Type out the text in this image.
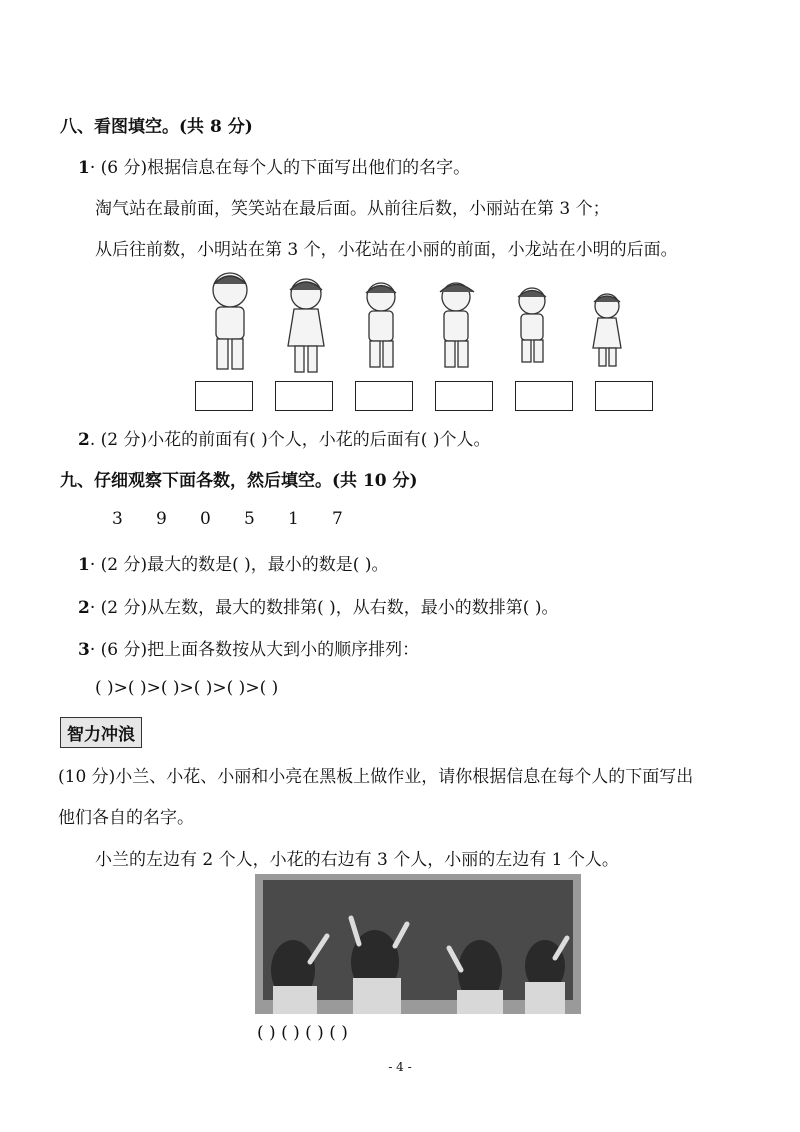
八、看图填空。(共 8 分)
1· (6 分)根据信息在每个人的下面写出他们的名字。
淘气站在最前面，笑笑站在最后面。从前往后数，小丽站在第 3 个；
从后往前数，小明站在第 3 个，小花站在小丽的前面，小龙站在小明的后面。
2. (2 分)小花的前面有( )个人，小花的后面有( )个人。
九、仔细观察下面各数，然后填空。(共 10 分)
3 9 0 5 1 7
1· (2 分)最大的数是( )，最小的数是( )。
2· (2 分)从左数，最大的数排第( )，从右数，最小的数排第( )。
3· (6 分)把上面各数按从大到小的顺序排列：
( )>( )>( )>( )>( )>( )
智力冲浪
(10 分)小兰、小花、小丽和小亮在黑板上做作业，请你根据信息在每个人的下面写出
他们各自的名字。
小兰的左边有 2 个人，小花的右边有 3 个人，小丽的左边有 1 个人。
( ) ( ) ( ) ( )
- 4 -
